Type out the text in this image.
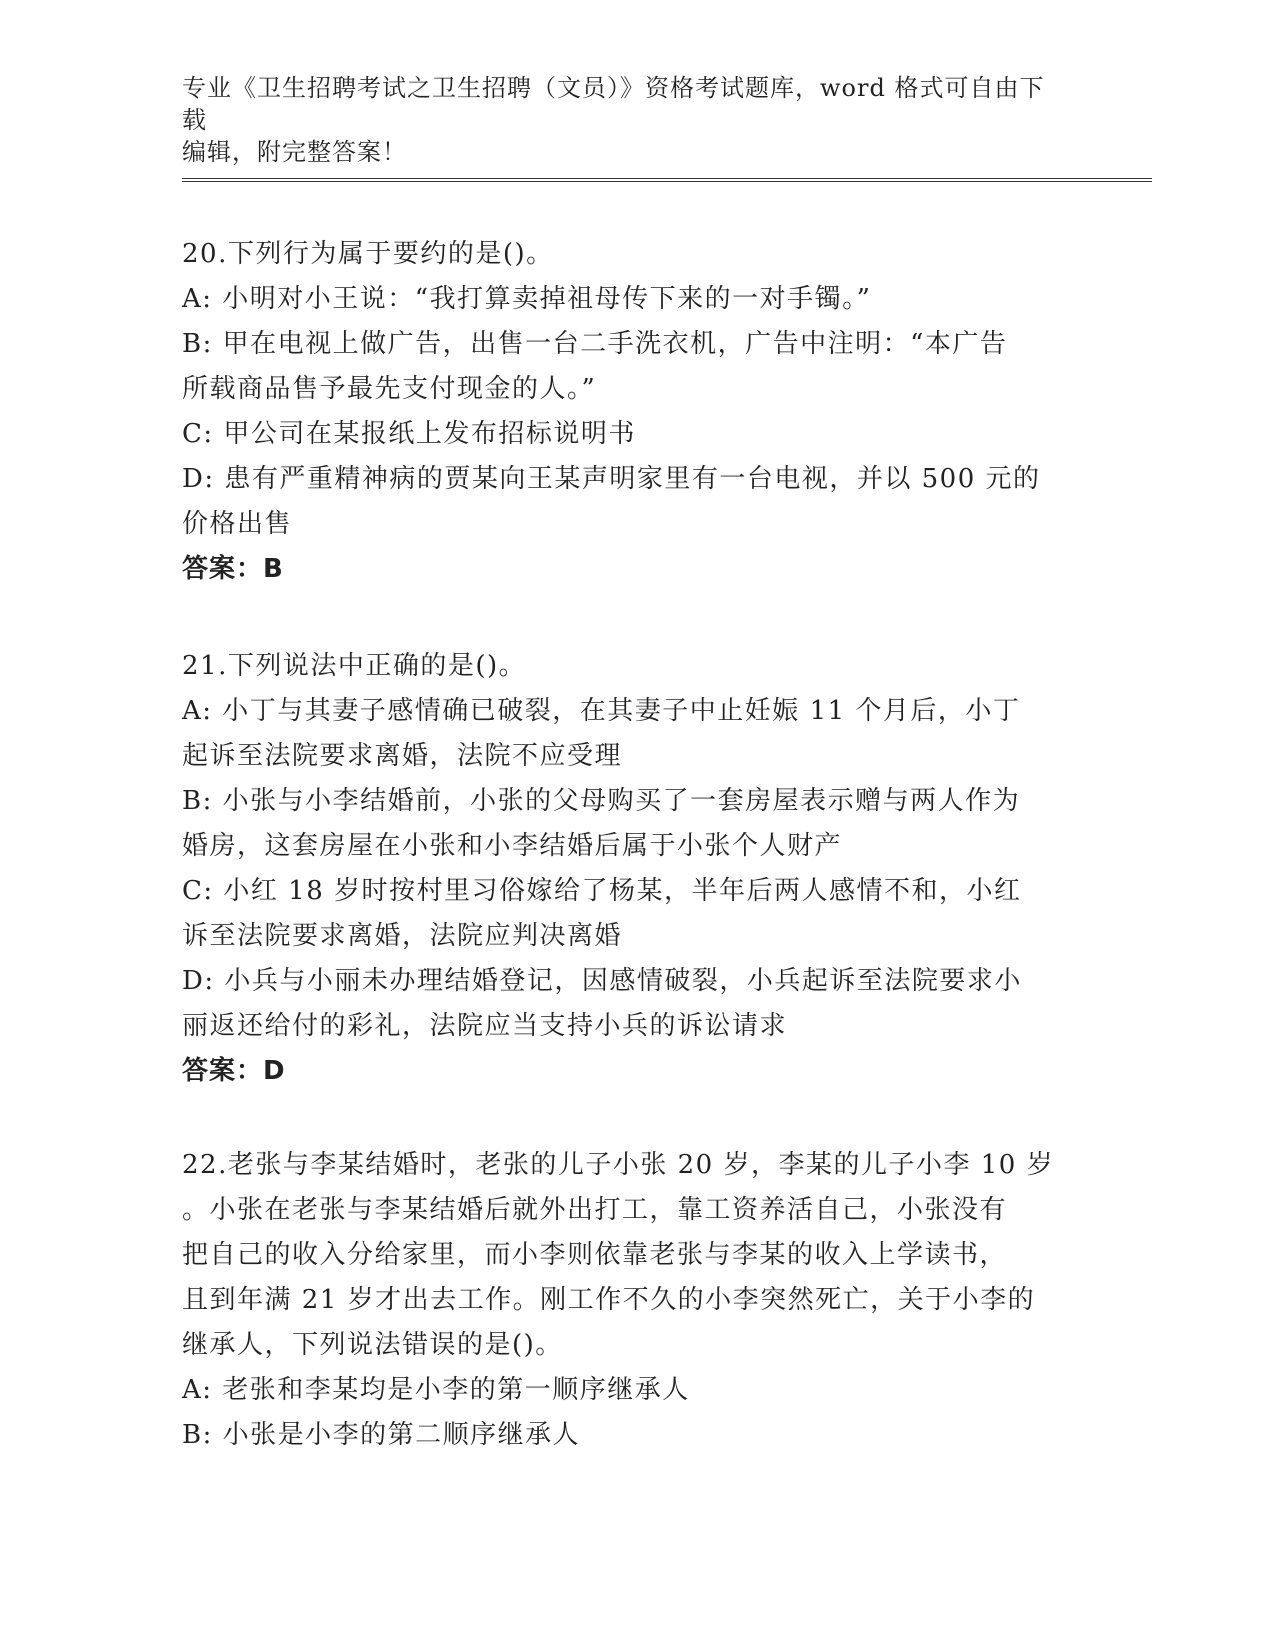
专业《卫生招聘考试之卫生招聘（文员）》资格考试题库，word 格式可自由下载

编辑，附完整答案！

20.下列行为属于要约的是()。

A: 小明对小王说：“我打算卖掉祖母传下来的一对手镯。”

B: 甲在电视上做广告，出售一台二手洗衣机，广告中注明：“本广告

所载商品售予最先支付现金的人。”

C: 甲公司在某报纸上发布招标说明书

D: 患有严重精神病的贾某向王某声明家里有一台电视，并以 500 元的

价格出售

答案：B

21.下列说法中正确的是()。

A: 小丁与其妻子感情确已破裂，在其妻子中止妊娠 11 个月后，小丁

起诉至法院要求离婚，法院不应受理

B: 小张与小李结婚前，小张的父母购买了一套房屋表示赠与两人作为

婚房，这套房屋在小张和小李结婚后属于小张个人财产

C: 小红 18 岁时按村里习俗嫁给了杨某，半年后两人感情不和，小红

诉至法院要求离婚，法院应判决离婚

D: 小兵与小丽未办理结婚登记，因感情破裂，小兵起诉至法院要求小

丽返还给付的彩礼，法院应当支持小兵的诉讼请求

答案：D

22.老张与李某结婚时，老张的儿子小张 20 岁，李某的儿子小李 10 岁

。小张在老张与李某结婚后就外出打工，靠工资养活自己，小张没有

把自己的收入分给家里，而小李则依靠老张与李某的收入上学读书，

且到年满 21 岁才出去工作。刚工作不久的小李突然死亡，关于小李的

继承人，下列说法错误的是()。

A: 老张和李某均是小李的第一顺序继承人

B: 小张是小李的第二顺序继承人
